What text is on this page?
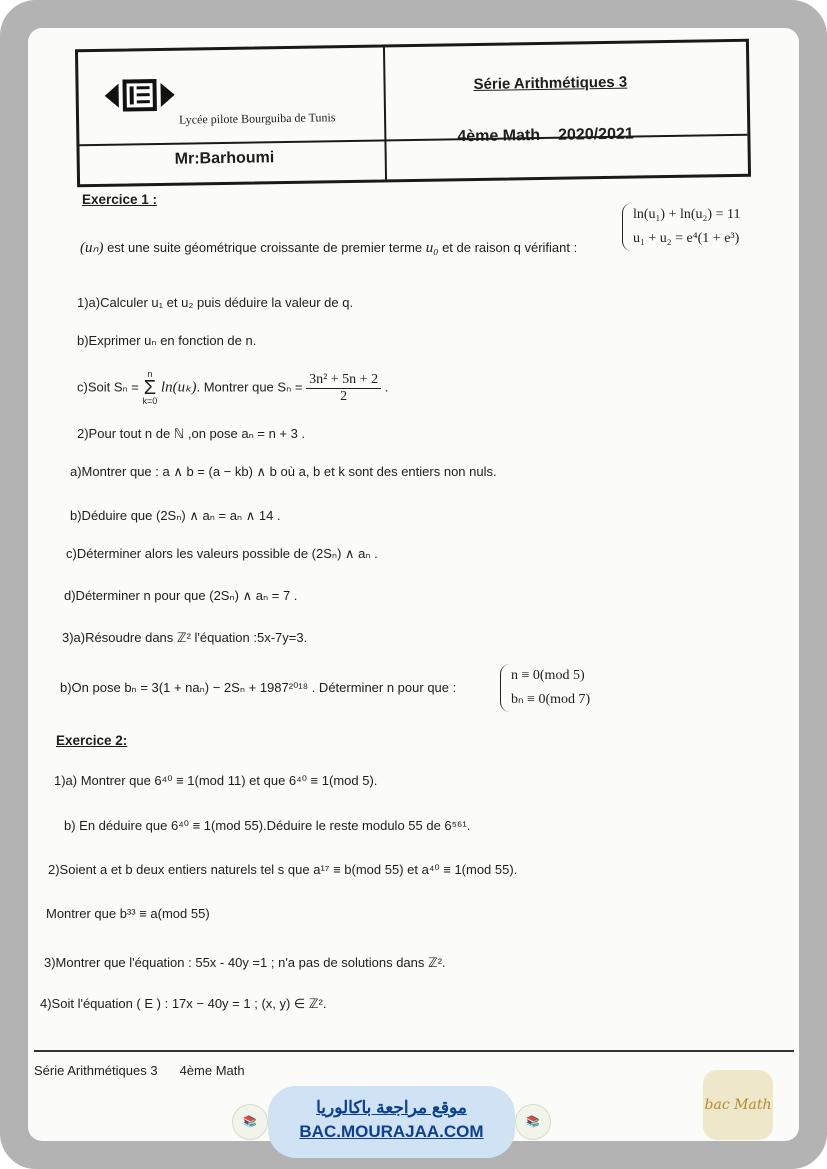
Lycée pilote Bourguiba de Tunis
Mr:Barhoumi
Série Arithmétiques 3
4ème Math 2020/2021
Exercice 1 :
(uₙ) est une suite géométrique croissante de premier terme u₀ et de raison q vérifiant :
ln(u₁) + ln(u₂) = 11
u₁ + u₂ = e⁴(1 + e³)
1)a)Calculer u₁ et u₂ puis déduire la valeur de q.
b)Exprimer uₙ en fonction de n.
c)Soit Sₙ = n
Σ
k=0 ln(uₖ). Montrer que $S_n = \frac{\text{3n² + 5n + 2}}{2}$ .
2)Pour tout n de ℕ ,on pose aₙ = n + 3 .
a)Montrer que : a ∧ b = (a − kb) ∧ b où a, b et k sont des entiers non nuls.
b)Déduire que (2Sₙ) ∧ aₙ = aₙ ∧ 14 .
c)Déterminer alors les valeurs possible de (2Sₙ) ∧ aₙ .
d)Déterminer n pour que (2Sₙ) ∧ aₙ = 7 .
3)a)Résoudre dans ℤ² l'équation :5x-7y=3.
b)On pose bₙ = 3(1 + naₙ) − 2Sₙ + 1987²⁰¹⁸ . Déterminer n pour que :
n ≡ 0(mod 5)
bₙ ≡ 0(mod 7)
Exercice 2:
1)a) Montrer que 6⁴⁰ ≡ 1(mod 11) et que 6⁴⁰ ≡ 1(mod 5).
b) En déduire que 6⁴⁰ ≡ 1(mod 55).Déduire le reste modulo 55 de 6⁵⁶¹.
2)Soient a et b deux entiers naturels tel s que a¹⁷ ≡ b(mod 55) et a⁴⁰ ≡ 1(mod 55).
Montrer que b³³ ≡ a(mod 55)
3)Montrer que l'équation : 55x - 40y =1 ; n'a pas de solutions dans ℤ².
4)Soit l'équation ( E ) : 17x − 40y = 1 ; (x, y) ∈ ℤ².
Série Arithmétiques 3 4ème Math
📚
موقع مراجعة باكالوريا
BAC.MOURAJAA.COM	📚
bac Math
